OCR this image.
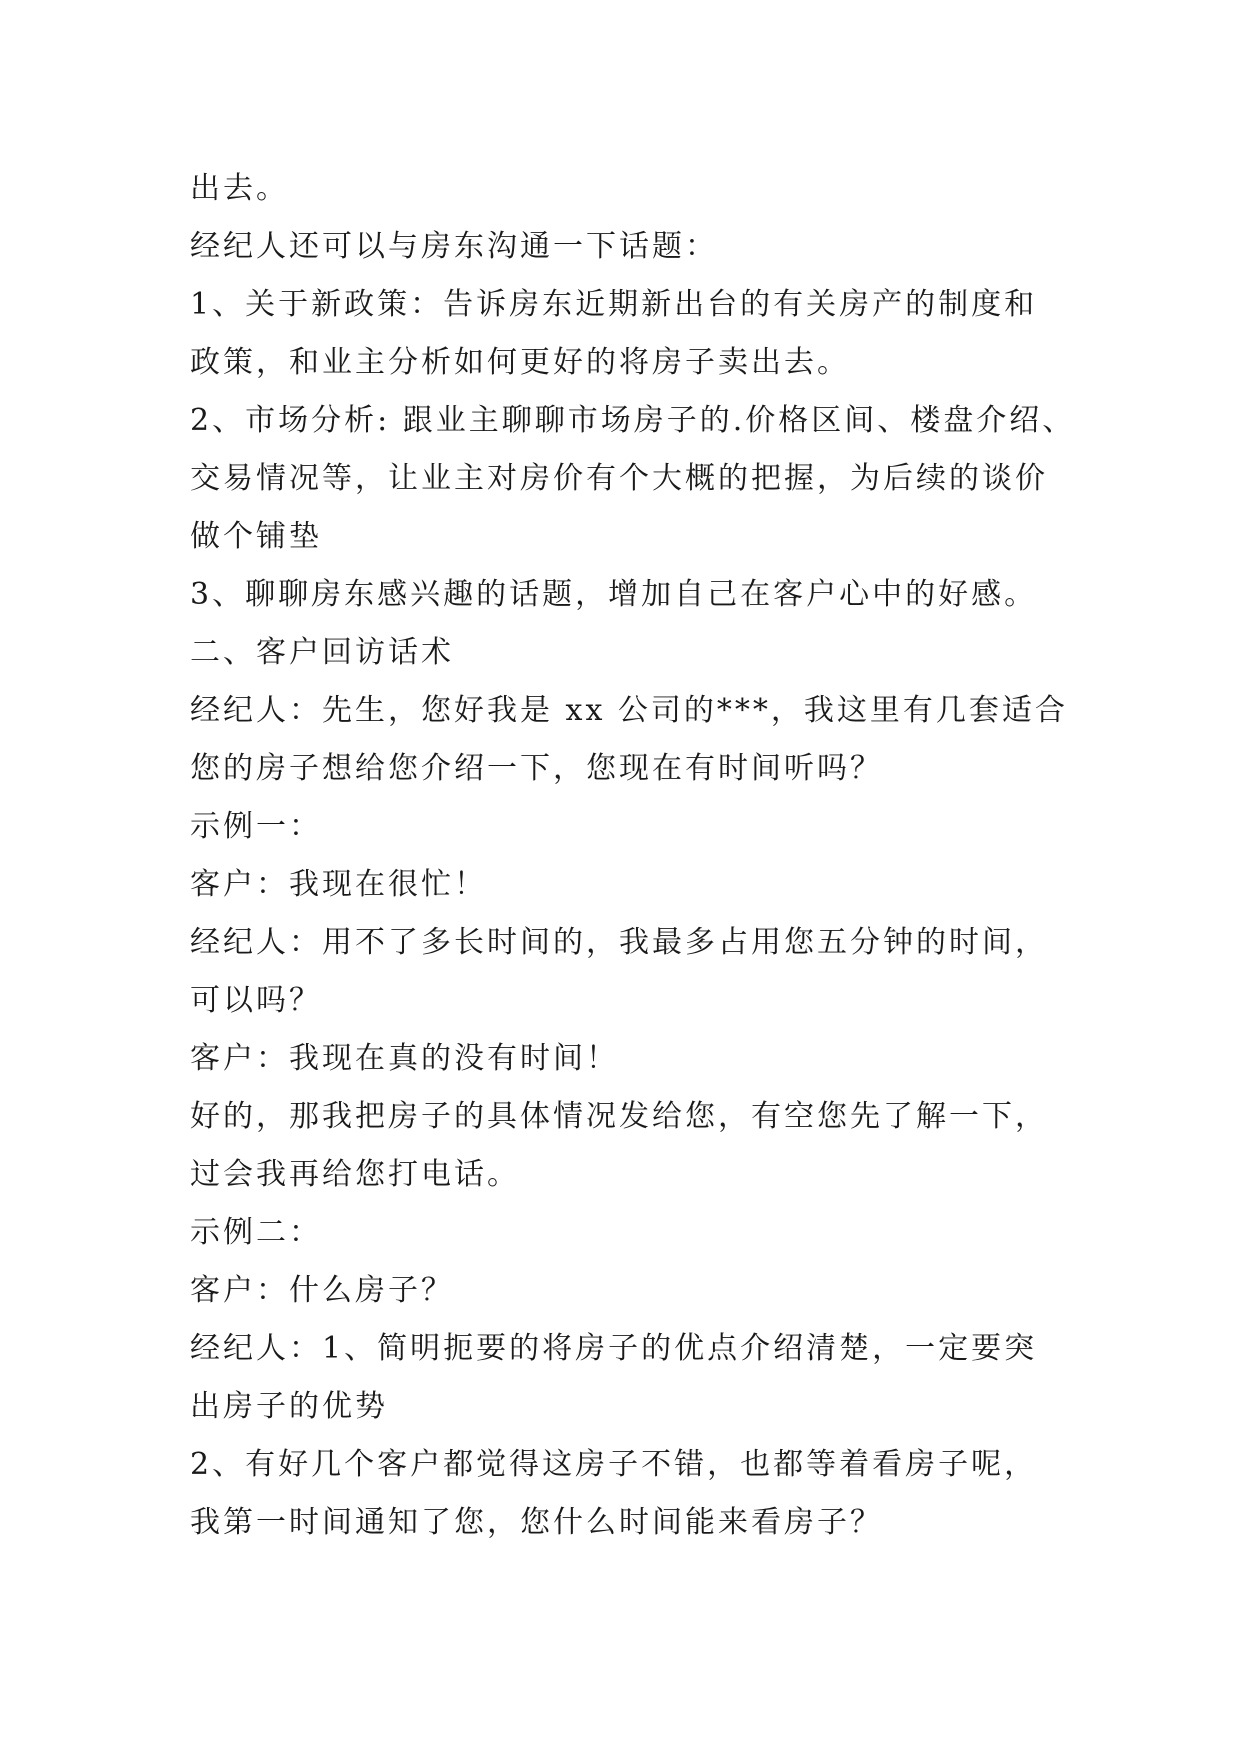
出去。
经纪人还可以与房东沟通一下话题：
1、关于新政策：告诉房东近期新出台的有关房产的制度和
政策，和业主分析如何更好的将房子卖出去。
2、市场分析: 跟业主聊聊市场房子的.价格区间、楼盘介绍、
交易情况等，让业主对房价有个大概的把握，为后续的谈价
做个铺垫
3、聊聊房东感兴趣的话题，增加自己在客户心中的好感。
二、客户回访话术
经纪人：先生，您好我是 xx 公司的***，我这里有几套适合
您的房子想给您介绍一下，您现在有时间听吗？
示例一：
客户：我现在很忙！
经纪人：用不了多长时间的，我最多占用您五分钟的时间，
可以吗？
客户：我现在真的没有时间！
好的，那我把房子的具体情况发给您，有空您先了解一下，
过会我再给您打电话。
示例二：
客户：什么房子？
经纪人：1、简明扼要的将房子的优点介绍清楚，一定要突
出房子的优势
2、有好几个客户都觉得这房子不错，也都等着看房子呢，
我第一时间通知了您，您什么时间能来看房子？
